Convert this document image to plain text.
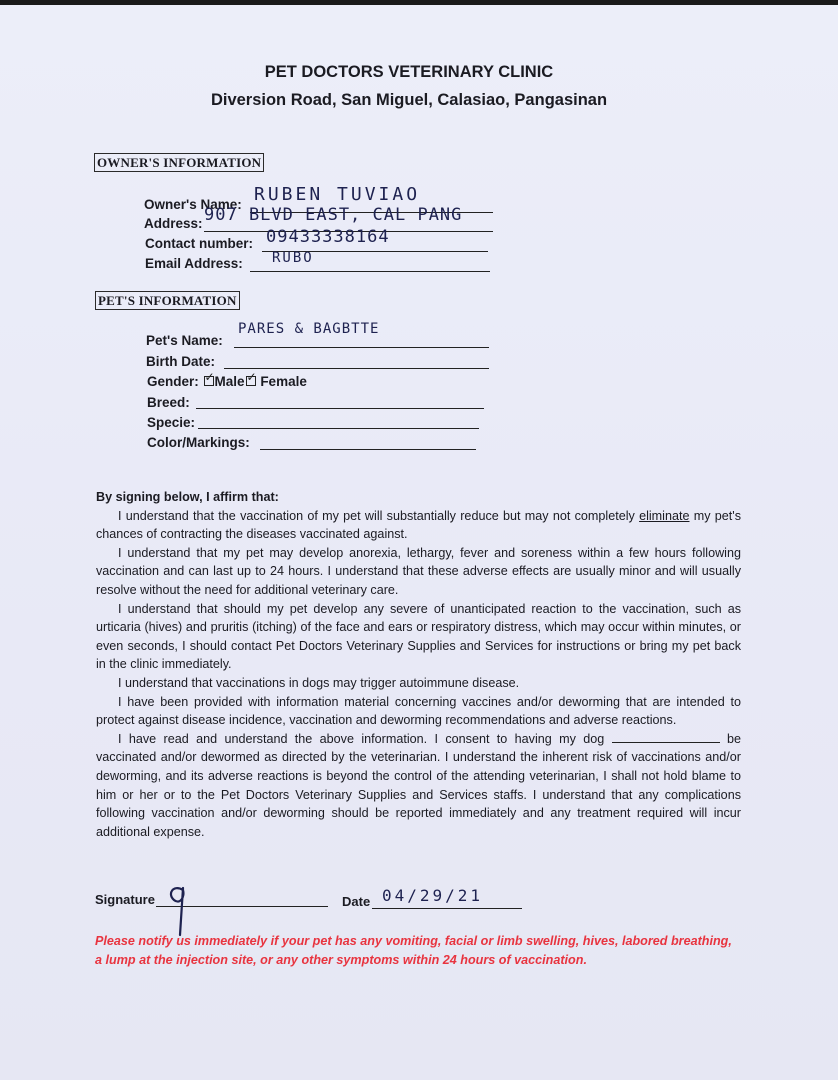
PET DOCTORS VETERINARY CLINIC
Diversion Road, San Miguel, Calasiao, Pangasinan
OWNER'S INFORMATION
Owner's Name: RUBEN TUVIAO
Address: 907 BLVD EAST, CAL PANG
Contact number: 09433338164
Email Address: RUBO
PET'S INFORMATION
Pet's Name:
PARES & BAGBTTE
Birth Date:
Gender: ✓ Male ✓ Female
Breed:
Specie:
Color/Markings:

By signing below, I affirm that:

I understand that the vaccination of my pet will substantially reduce but may not completely eliminate my pet's chances of contracting the diseases vaccinated against.

I understand that my pet may develop anorexia, lethargy, fever and soreness within a few hours following vaccination and can last up to 24 hours. I understand that these adverse effects are usually minor and will usually resolve without the need for additional veterinary care.

I understand that should my pet develop any severe of unanticipated reaction to the vaccination, such as urticaria (hives) and pruritis (itching) of the face and ears or respiratory distress, which may occur within minutes, or even seconds, I should contact Pet Doctors Veterinary Supplies and Services for instructions or bring my pet back in the clinic immediately.

I understand that vaccinations in dogs may trigger autoimmune disease.

I have been provided with information material concerning vaccines and/or deworming that are intended to protect against disease incidence, vaccination and deworming recommendations and adverse reactions.

I have read and understand the above information. I consent to having my dog	be vaccinated and/or dewormed as directed by the veterinarian. I understand the inherent risk of vaccinations and/or deworming, and its adverse reactions is beyond the control of the attending veterinarian, I shall not hold blame to him or her or to the Pet Doctors Veterinary Supplies and Services staffs. I understand that any complications following vaccination and/or deworming should be reported immediately and any treatment required will incur additional expense.

Signature	Date 04/29/21
Please notify us immediately if your pet has any vomiting, facial or limb swelling, hives, labored breathing, a lump at the injection site, or any other symptoms within 24 hours of vaccination.
